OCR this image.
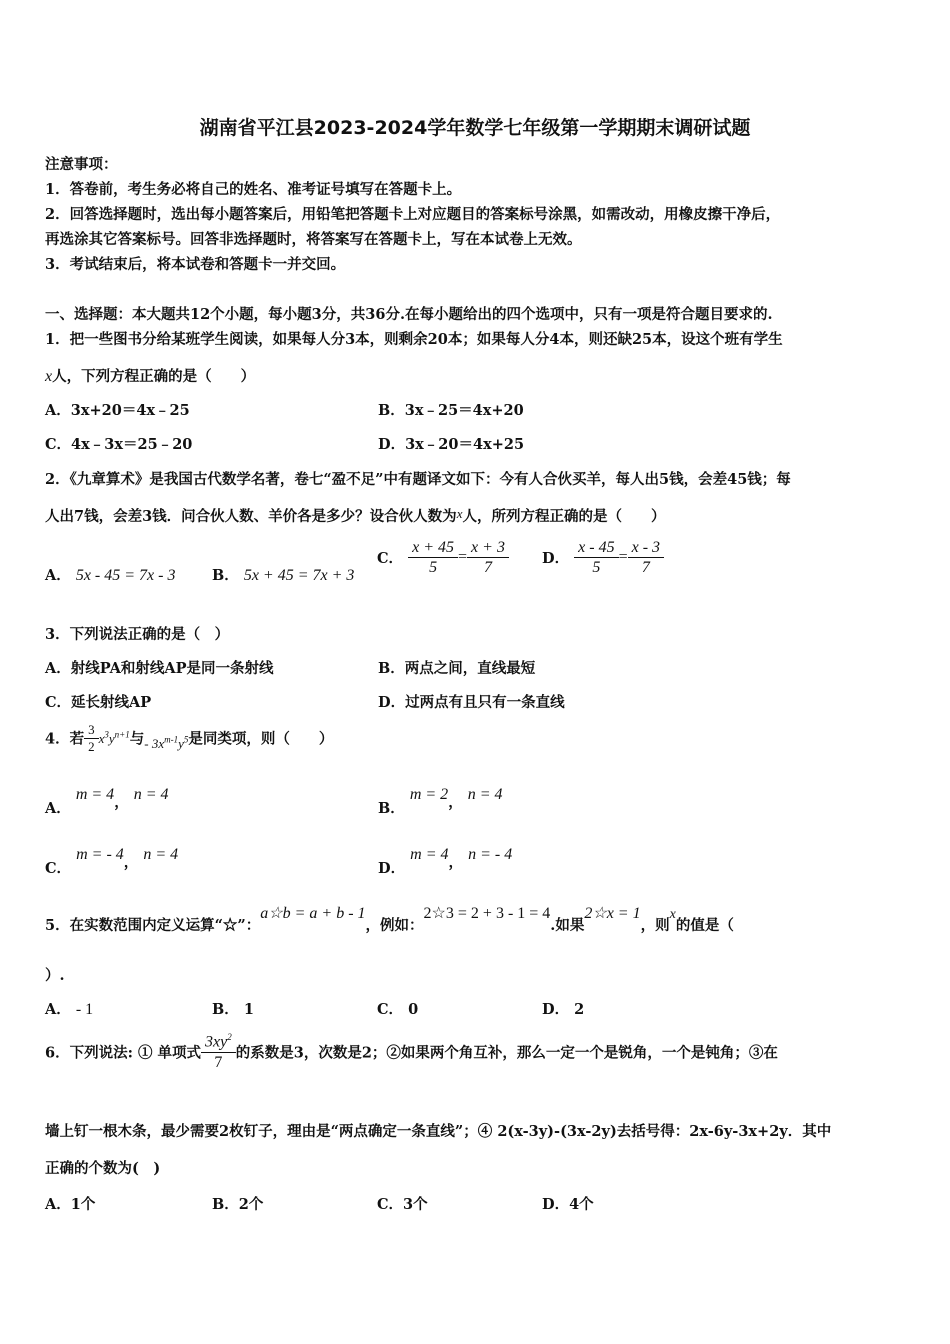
湖南省平江县2023-2024学年数学七年级第一学期期末调研试题
注意事项：
1．答卷前，考生务必将自己的姓名、准考证号填写在答题卡上。
2．回答选择题时，选出每小题答案后，用铅笔把答题卡上对应题目的答案标号涂黑，如需改动，用橡皮擦干净后，
再选涂其它答案标号。回答非选择题时，将答案写在答题卡上，写在本试卷上无效。
3．考试结束后，将本试卷和答题卡一并交回。
一、选择题：本大题共12个小题，每小题3分，共36分.在每小题给出的四个选项中，只有一项是符合题目要求的.
1．把一些图书分给某班学生阅读，如果每人分3本，则剩余20本；如果每人分4本，则还缺25本，设这个班有学生
x人，下列方程正确的是（　　）
A．3x+20＝4x﹣25	B．3x﹣25＝4x+20
C．4x﹣3x＝25﹣20	D．3x﹣20＝4x+25
2．《九章算术》是我国古代数学名著，卷七“盈不足”中有题译文如下：今有人合伙买羊，每人出5钱，会差45钱；每
人出7钱，会差3钱．问合伙人数、羊价各是多少？设合伙人数为x人，所列方程正确的是（　　）
A． 5x - 45 = 7x - 3	B． 5x + 45 = 7x + 3
C． $\frac{x + 45}{5} = \frac{x + 3}{7}$ D． $\frac{x - 45}{5} = \frac{x - 3}{7}$
3．下列说法正确的是（　）
A．射线PA和射线AP是同一条射线	B．两点之间，直线最短
C．延长射线AP	D．过两点有且只有一条直线
4．若 $\frac{3}{2} x^3y^{n+1}$与- $3x^{m-1}y^5$是同类项，则（　　）
A． m = 4， n = 4
B． m = 2， n = 4
C． m = - 4， n = 4
D． m = 4， n = - 4
5．在实数范围内定义运算“☆”：a☆b = a + b - 1，例如：2☆3 = 2 + 3 - 1 = 4.如果2☆x = 1，则x的值是（
）.
A． - 1	B． 1	C． 0	D． 2
6．下列说法: ① 单项式 $\frac{3xy^2}{7}$ 的系数是3，次数是2；②如果两个角互补，那么一定一个是锐角，一个是钝角；③在
墙上钉一根木条，最少需要2枚钉子，理由是“两点确定一条直线”；④ 2(x-3y)-(3x-2y)去括号得：2x-6y-3x+2y．其中
正确的个数为(　)
A．1个	B．2个	C．3个	D．4个
